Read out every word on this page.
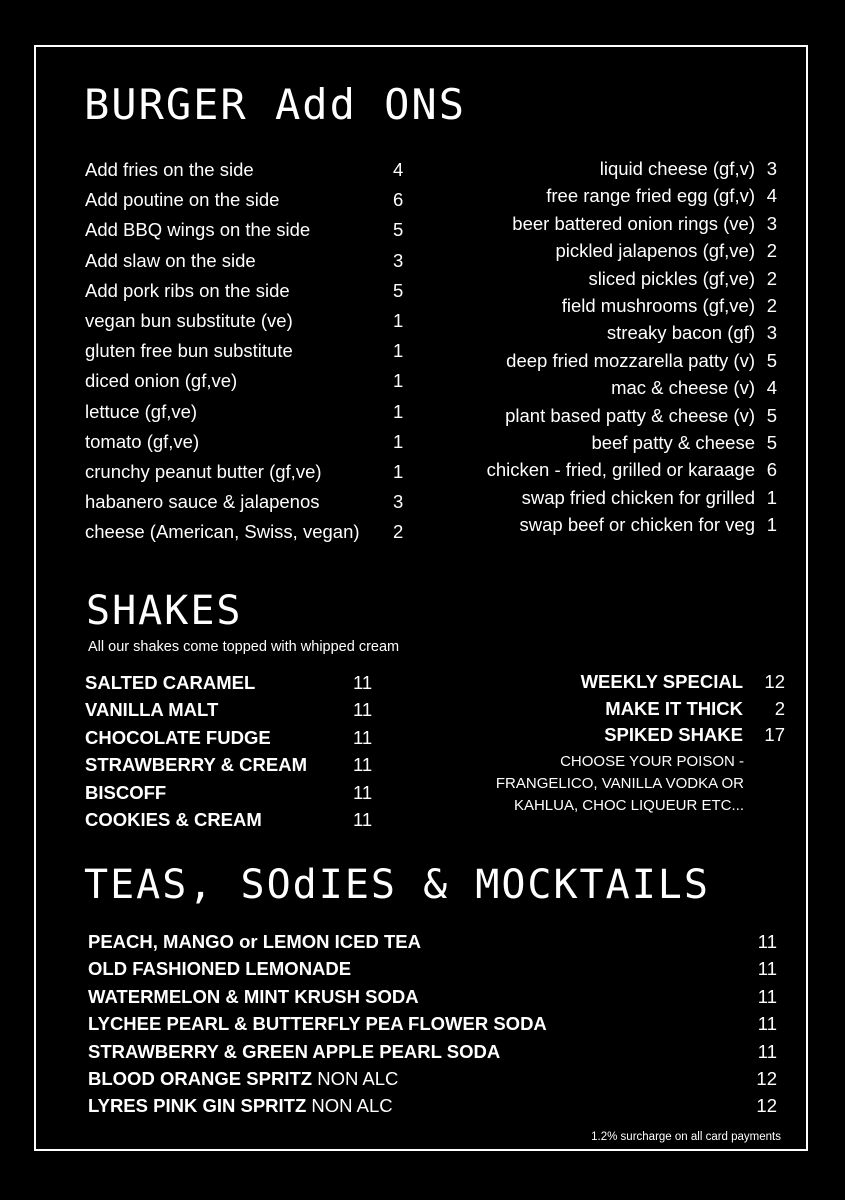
BURGER Add ONS
Add fries on the side	4
Add poutine on the side	6
Add BBQ wings on the side	5
Add slaw on the side	3
Add pork ribs on the side	5
vegan bun substitute (ve)	1
gluten free bun substitute	1
diced onion (gf,ve)	1
lettuce (gf,ve)	1
tomato (gf,ve)	1
crunchy peanut butter (gf,ve)	1
habanero sauce & jalapenos	3
cheese (American, Swiss, vegan) 2
liquid cheese (gf,v) 3
free range fried egg (gf,v) 4
beer battered onion rings (ve) 3
pickled jalapenos (gf,ve) 2
sliced pickles (gf,ve) 2
field mushrooms (gf,ve) 2
streaky bacon (gf) 3
deep fried mozzarella patty (v) 5
mac & cheese (v) 4
plant based patty & cheese (v) 5
beef patty & cheese 5
chicken - fried, grilled or karaage 6
swap fried chicken for grilled 1
swap beef or chicken for veg 1
SHAKES

All our shakes come topped with whipped cream

SALTED CARAMEL	11
VANILLA MALT	11
CHOCOLATE FUDGE	11
STRAWBERRY & CREAM 11
BISCOFF	11
COOKIES & CREAM	11
WEEKLY SPECIAL 12
MAKE IT THICK 2
SPIKED SHAKE 17

CHOOSE YOUR POISON - FRANGELICO, VANILLA VODKA OR KAHLUA, CHOC LIQUEUR ETC...

TEAS, SOdIES & MOCKTAILS
PEACH, MANGO or LEMON ICED TEA	11
OLD FASHIONED LEMONADE	11
WATERMELON & MINT KRUSH SODA	11
LYCHEE PEARL & BUTTERFLY PEA FLOWER SODA	11
STRAWBERRY & GREEN APPLE PEARL SODA	11
BLOOD ORANGE SPRITZ NON ALC	12
LYRES PINK GIN SPRITZ NON ALC	12

1.2% surcharge on all card payments
